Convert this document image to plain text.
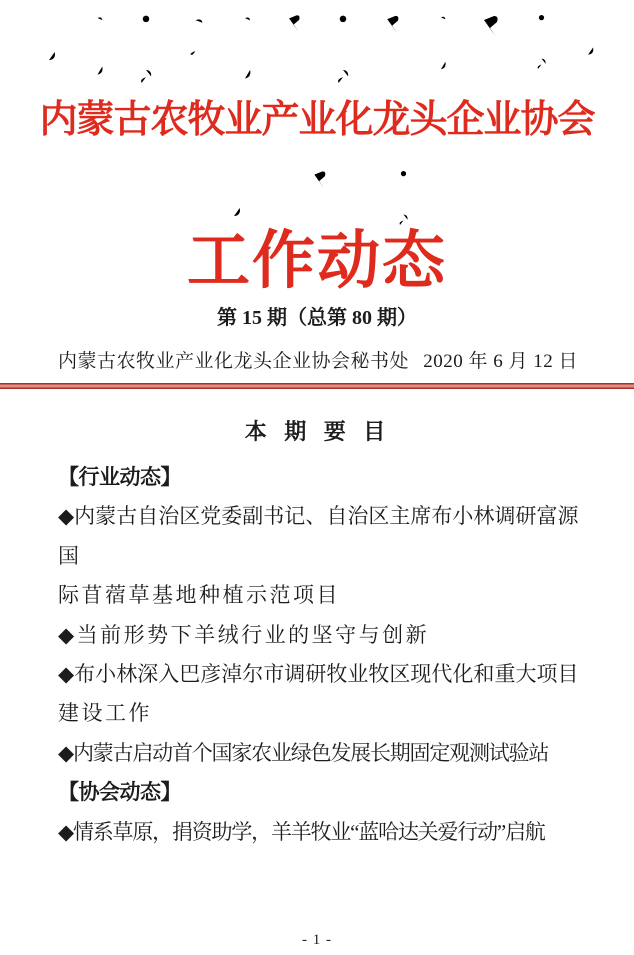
内蒙古农牧业产业化龙头企业协会
工作动态
第 15 期（总第 80 期）
内蒙古农牧业产业化龙头企业协会秘书处 2020 年 6 月 12 日
本 期 要 目
【行业动态】
◆内蒙古自治区党委副书记、自治区主席布小林调研富源国
际苜蓿草基地种植示范项目
◆当前形势下羊绒行业的坚守与创新
◆布小林深入巴彦淖尔市调研牧业牧区现代化和重大项目
建设工作
◆内蒙古启动首个国家农业绿色发展长期固定观测试验站
【协会动态】
◆情系草原，捐资助学，羊羊牧业“蓝哈达关爱行动”启航
- 1 -
